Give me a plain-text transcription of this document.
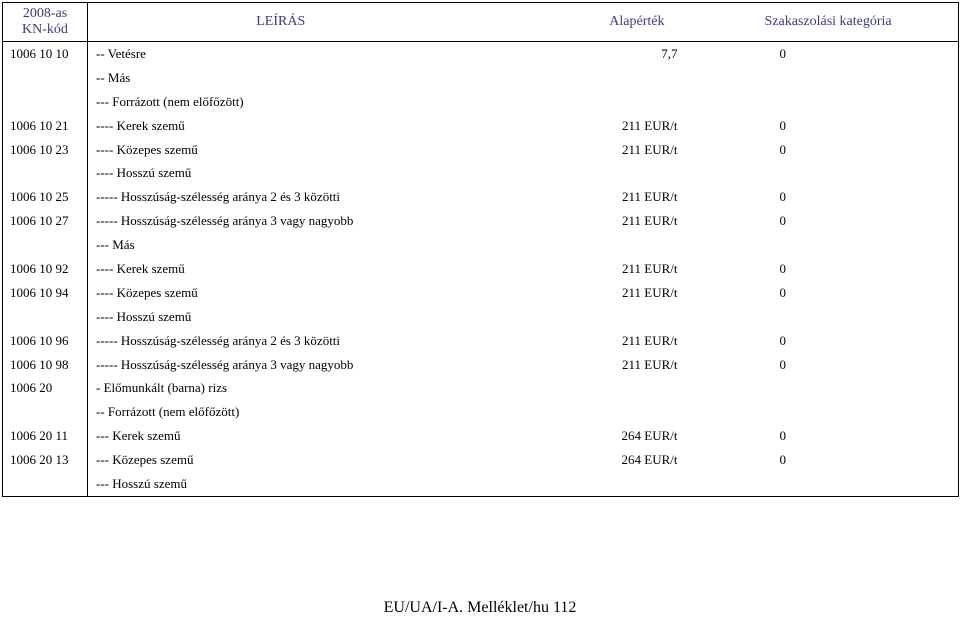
2008-as
KN-kód	LEÍRÁS	Alapérték	Szakaszolási kategória
1006 10 10	-- Vetésre	7,7	0
	-- Más		
	--- Forrázott (nem előfőzött)		
1006 10 21	---- Kerek szemű	211 EUR/t	0
1006 10 23	---- Közepes szemű	211 EUR/t	0
	---- Hosszú szemű		
1006 10 25	----- Hosszúság-szélesség aránya 2 és 3 közötti	211 EUR/t	0
1006 10 27	----- Hosszúság-szélesség aránya 3 vagy nagyobb	211 EUR/t	0
	--- Más		
1006 10 92	---- Kerek szemű	211 EUR/t	0
1006 10 94	---- Közepes szemű	211 EUR/t	0
	---- Hosszú szemű		
1006 10 96	----- Hosszúság-szélesség aránya 2 és 3 közötti	211 EUR/t	0
1006 10 98	----- Hosszúság-szélesség aránya 3 vagy nagyobb	211 EUR/t	0
1006 20	- Előmunkált (barna) rizs		
	-- Forrázott (nem előfőzött)		
1006 20 11	--- Kerek szemű	264 EUR/t	0
1006 20 13	--- Közepes szemű	264 EUR/t	0
	--- Hosszú szemű		
EU/UA/I-A. Melléklet/hu 112
